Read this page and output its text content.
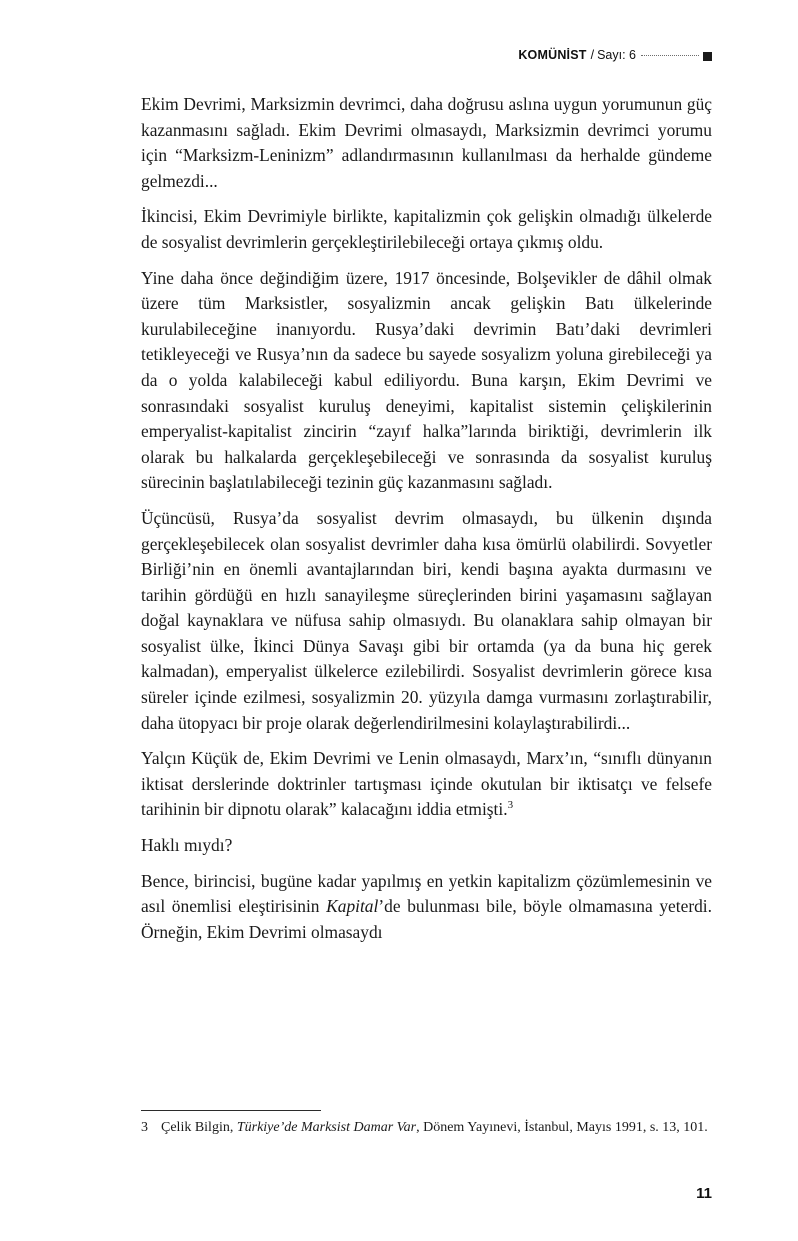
KOMÜNİST / Sayı: 6

Ekim Devrimi, Marksizmin devrimci, daha doğrusu aslına uygun yorumunun güç kazanmasını sağladı. Ekim Devrimi olmasaydı, Marksizmin devrimci yorumu için “Marksizm-Leninizm” adlandırmasının kullanılması da herhalde gündeme gelmezdi...

İkincisi, Ekim Devrimiyle birlikte, kapitalizmin çok gelişkin olmadığı ülkelerde de sosyalist devrimlerin gerçekleştirilebileceği ortaya çıkmış oldu.

Yine daha önce değindiğim üzere, 1917 öncesinde, Bolşevikler de dâhil olmak üzere tüm Marksistler, sosyalizmin ancak gelişkin Batı ülkelerinde kurulabileceğine inanıyordu. Rusya’daki devrimin Batı’daki devrimleri tetikleyeceği ve Rusya’nın da sadece bu sayede sosyalizm yoluna girebileceği ya da o yolda kalabileceği kabul ediliyordu. Buna karşın, Ekim Devrimi ve sonrasındaki sosyalist kuruluş deneyimi, kapitalist sistemin çelişkilerinin emperyalist-kapitalist zincirin “zayıf halka”larında biriktiği, devrimlerin ilk olarak bu halkalarda gerçekleşebileceği ve sonrasında da sosyalist kuruluş sürecinin başlatılabileceği tezinin güç kazanmasını sağladı.

Üçüncüsü, Rusya’da sosyalist devrim olmasaydı, bu ülkenin dışında gerçekleşebilecek olan sosyalist devrimler daha kısa ömürlü olabilirdi. Sovyetler Birliği’nin en önemli avantajlarından biri, kendi başına ayakta durmasını ve tarihin gördüğü en hızlı sanayileşme süreçlerinden birini yaşamasını sağlayan doğal kaynaklara ve nüfusa sahip olmasıydı. Bu olanaklara sahip olmayan bir sosyalist ülke, İkinci Dünya Savaşı gibi bir ortamda (ya da buna hiç gerek kalmadan), emperyalist ülkelerce ezilebilirdi. Sosyalist devrimlerin görece kısa süreler içinde ezilmesi, sosyalizmin 20. yüzyıla damga vurmasını zorlaştırabilir, daha ütopyacı bir proje olarak değerlendirilmesini kolaylaştırabilirdi...

Yalçın Küçük de, Ekim Devrimi ve Lenin olmasaydı, Marx’ın, “sınıflı dünyanın iktisat derslerinde doktrinler tartışması içinde okutulan bir iktisatçı ve felsefe tarihinin bir dipnotu olarak” kalacağını iddia etmişti.$^3$

Haklı mıydı?

Bence, birincisi, bugüne kadar yapılmış en yetkin kapitalizm çözümlemesinin ve asıl önemlisi eleştirisinin Kapital’de bulunması bile, böyle olmamasına yeterdi. Örneğin, Ekim Devrimi olmasaydı

3 Çelik Bilgin, Türkiye’de Marksist Damar Var, Dönem Yayınevi, İstanbul, Mayıs 1991, s. 13, 101.
11
